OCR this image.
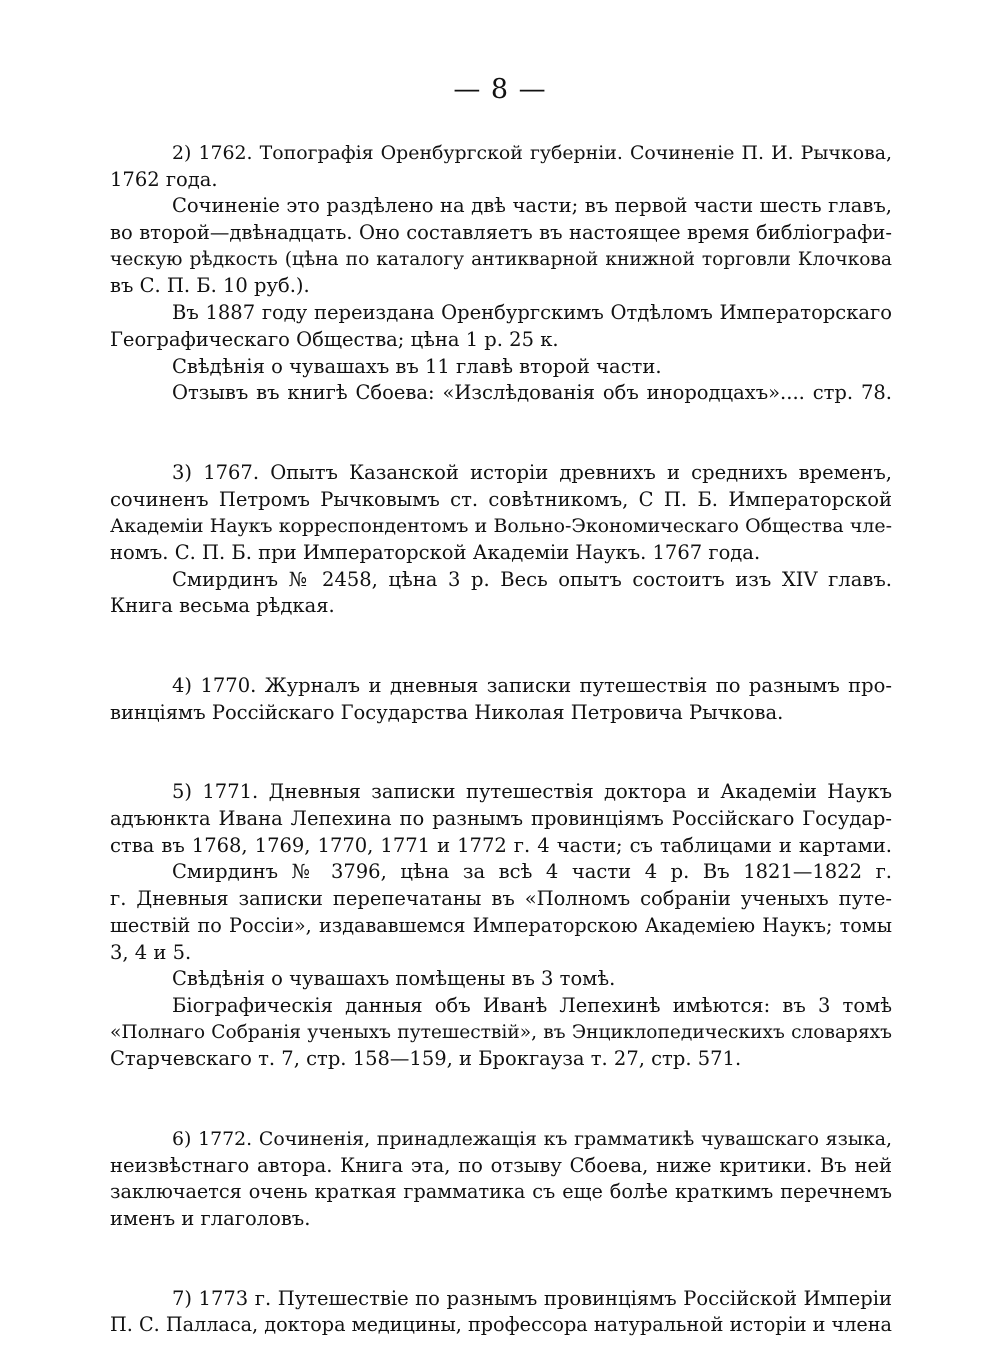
— 8 —
2) 1762. Топографія Оренбургской губерніи. Сочиненіе П. И. Рычкова,
1762 года.
Сочиненіе это раздѣлено на двѣ части; въ первой части шесть главъ,
во второй—двѣнадцать. Оно составляетъ въ настоящее время библіографи-
ческую рѣдкость (цѣна по каталогу антикварной книжной торговли Клочкова
въ С. П. Б. 10 руб.).
Въ 1887 году переиздана Оренбургскимъ Отдѣломъ Императорскаго
Географическаго Общества; цѣна 1 р. 25 к.
Свѣдѣнія о чувашахъ въ 11 главѣ второй части.
Отзывъ въ книгѣ Сбоева: «Изслѣдованія объ инородцахъ».... стр. 78.
3) 1767. Опытъ Казанской исторіи древнихъ и среднихъ временъ,
сочиненъ Петромъ Рычковымъ ст. совѣтникомъ, С П. Б. Императорской
Академіи Наукъ корреспондентомъ и Вольно-Экономическаго Общества чле-
номъ. С. П. Б. при Императорской Академіи Наукъ. 1767 года.
Смирдинъ № 2458, цѣна 3 р. Весь опытъ состоитъ изъ XIV главъ.
Книга весьма рѣдкая.
4) 1770. Журналъ и дневныя записки путешествія по разнымъ про-
винціямъ Россійскаго Государства Николая Петровича Рычкова.
5) 1771. Дневныя записки путешествія доктора и Академіи Наукъ
адъюнкта Ивана Лепехина по разнымъ провинціямъ Россійскаго Государ-
ства въ 1768, 1769, 1770, 1771 и 1772 г. 4 части; съ таблицами и картами.
Смирдинъ № 3796, цѣна за всѣ 4 части 4 р. Въ 1821—1822 г.
г. Дневныя записки перепечатаны въ «Полномъ собраніи ученыхъ путе-
шествій по Россіи», издававшемся Императорскою Академіею Наукъ; томы
3, 4 и 5.
Свѣдѣнія о чувашахъ помѣщены въ 3 томѣ.
Біографическія данныя объ Иванѣ Лепехинѣ имѣются: въ 3 томѣ
«Полнаго Собранія ученыхъ путешествій», въ Энциклопедическихъ словаряхъ
Старчевскаго т. 7, стр. 158—159, и Брокгауза т. 27, стр. 571.
6) 1772. Сочиненія, принадлежащія къ грамматикѣ чувашскаго языка,
неизвѣстнаго автора. Книга эта, по отзыву Сбоева, ниже критики. Въ ней
заключается очень краткая грамматика съ еще болѣе краткимъ перечнемъ
именъ и глаголовъ.
7) 1773 г. Путешествіе по разнымъ провинціямъ Россійской Имперіи
П. С. Палласа, доктора медицины, профессора натуральной исторіи и члена
